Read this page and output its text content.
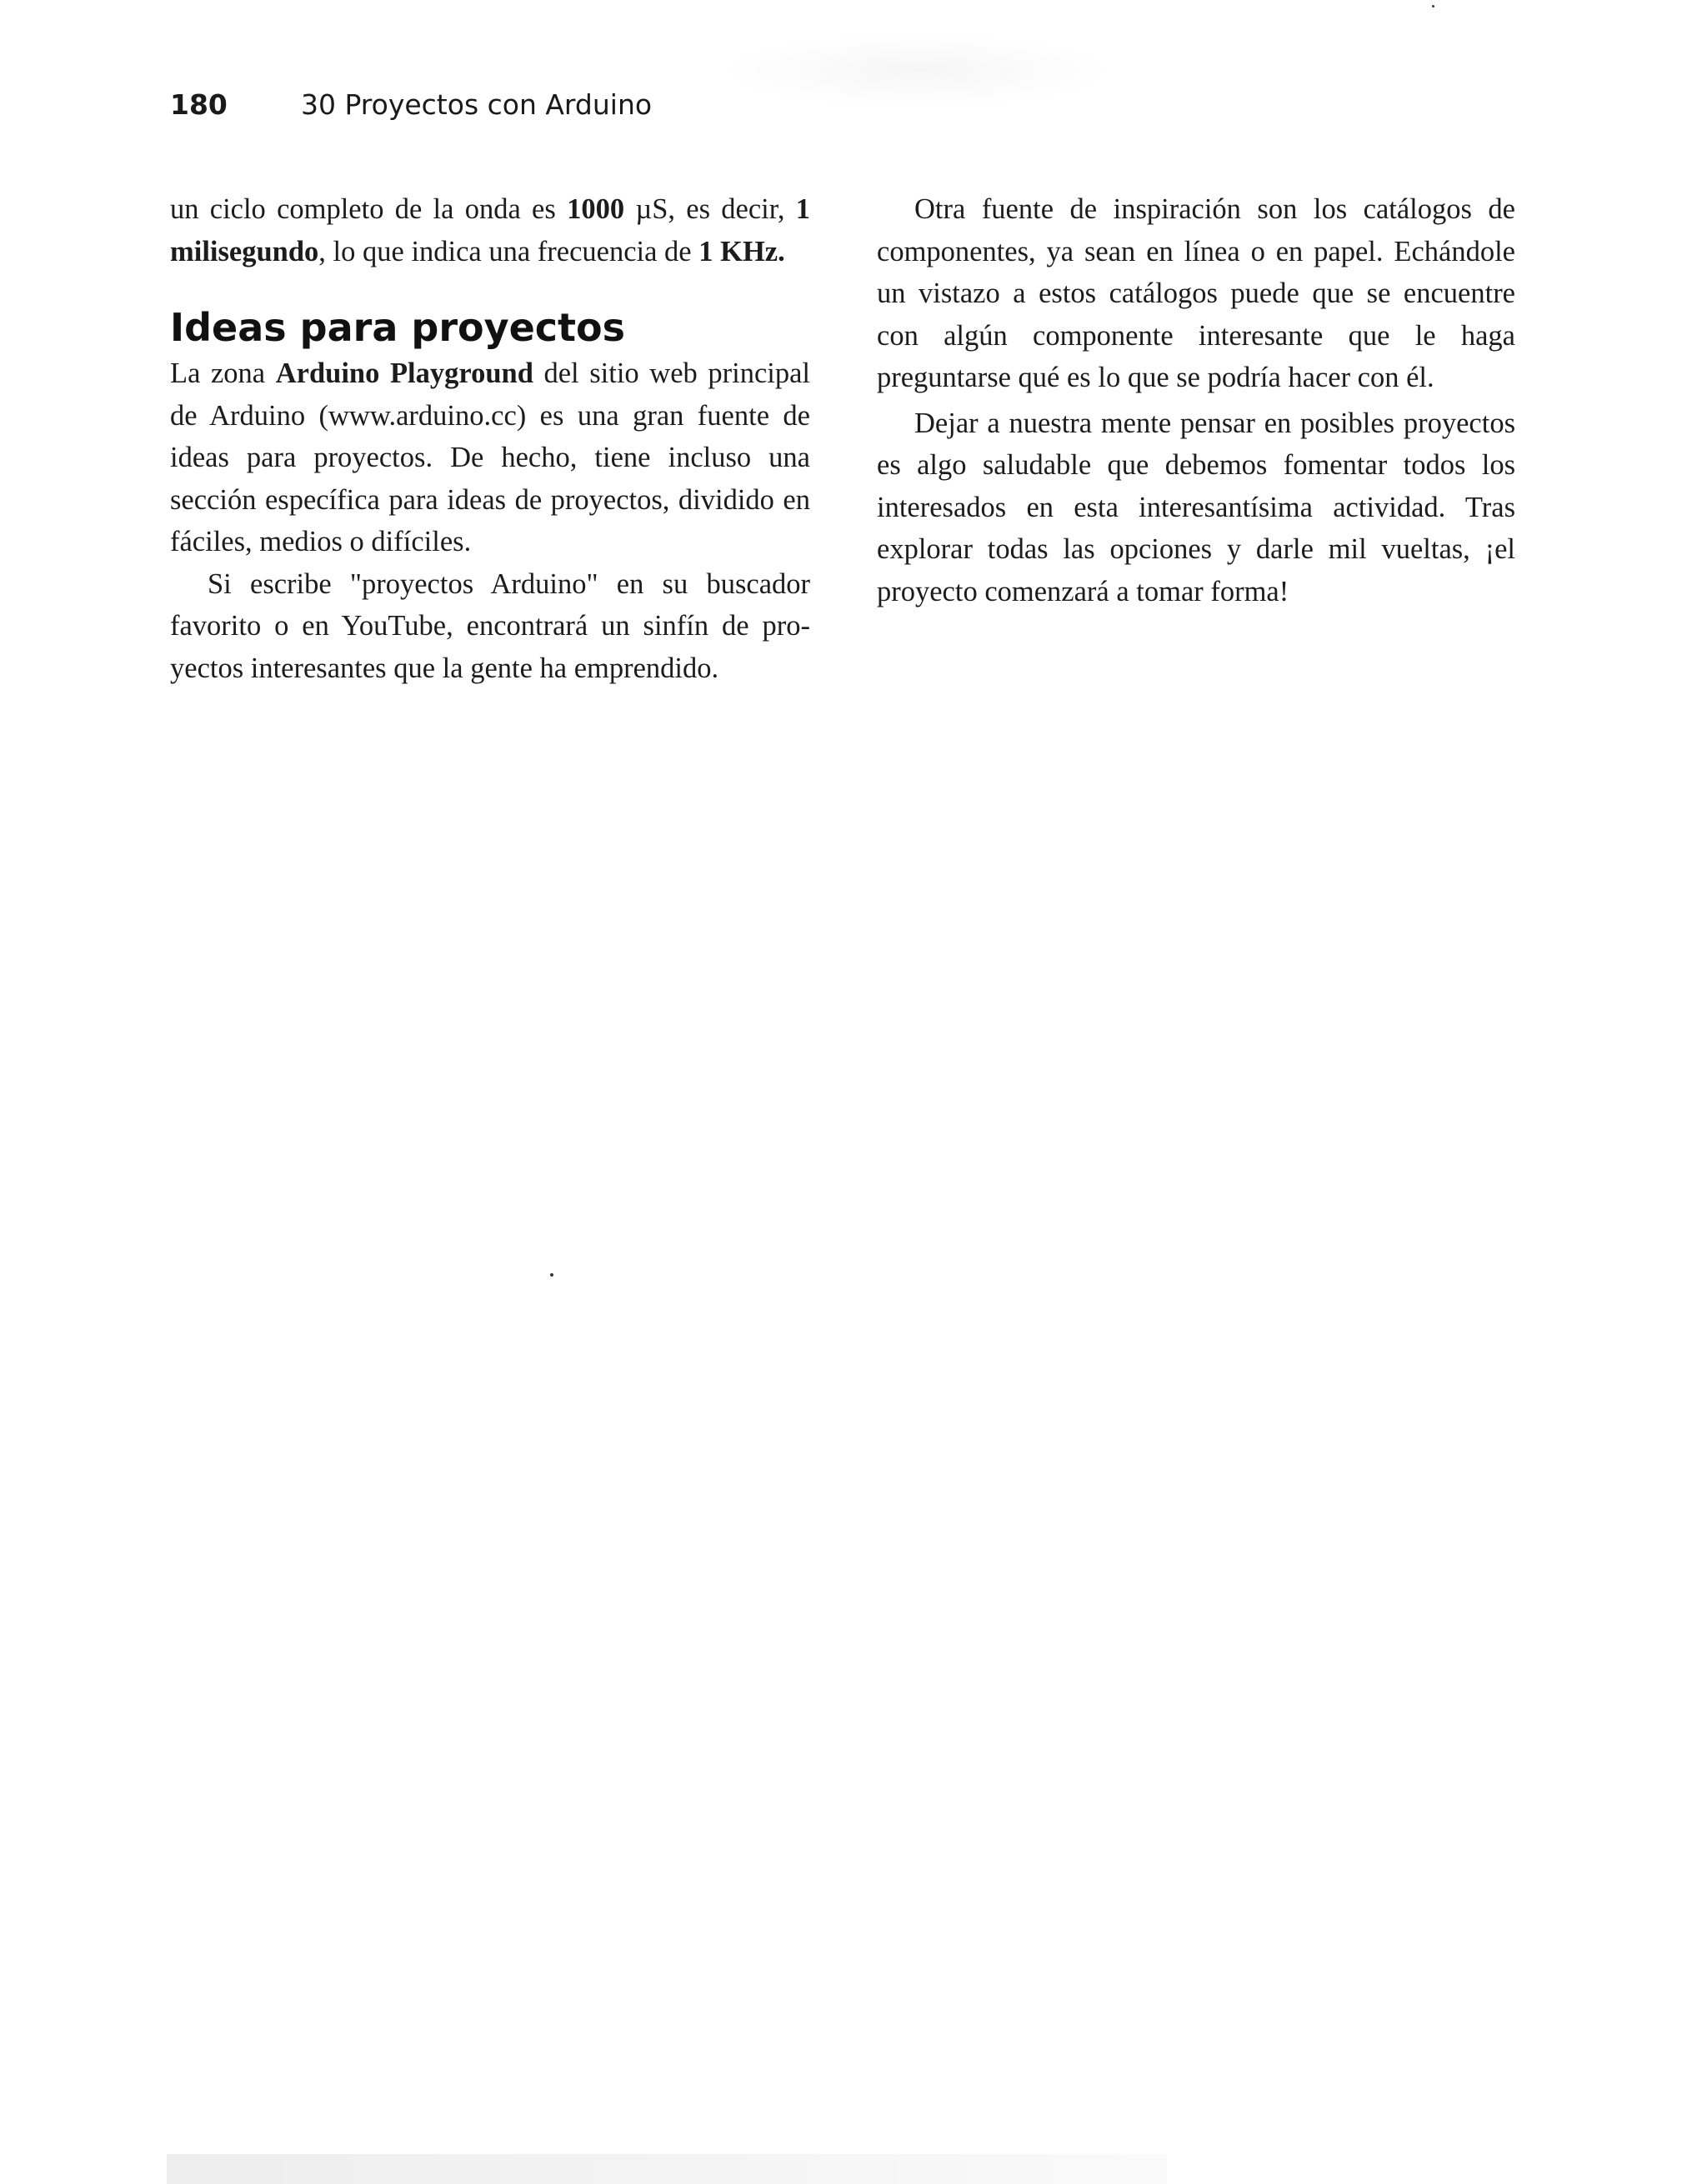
180	30 Proyectos con Arduino

un ciclo completo de la onda es 1000 µS, es decir, 1 milisegundo, lo que indica una frecuencia de 1 KHz.

Ideas para proyectos

La zona Arduino Playground del sitio web principal de Arduino (www.arduino.cc) es una gran fuente de ideas para proyectos. De hecho, tiene incluso una sección específica para ideas de proyectos, dividido en fáciles, medios o difíciles.

Si escribe "proyectos Arduino" en su buscador favorito o en YouTube, encontrará un sinfín de proyectos interesantes que la gente ha emprendido.

Otra fuente de inspiración son los catálogos de componentes, ya sean en línea o en papel. Echándole un vistazo a estos catálogos puede que se encuentre con algún componente interesante que le haga preguntarse qué es lo que se podría hacer con él.

Dejar a nuestra mente pensar en posibles proyectos es algo saludable que debemos fomentar todos los interesados en esta interesantísima actividad. Tras explorar todas las opciones y darle mil vueltas, ¡el proyecto comenzará a tomar forma!
